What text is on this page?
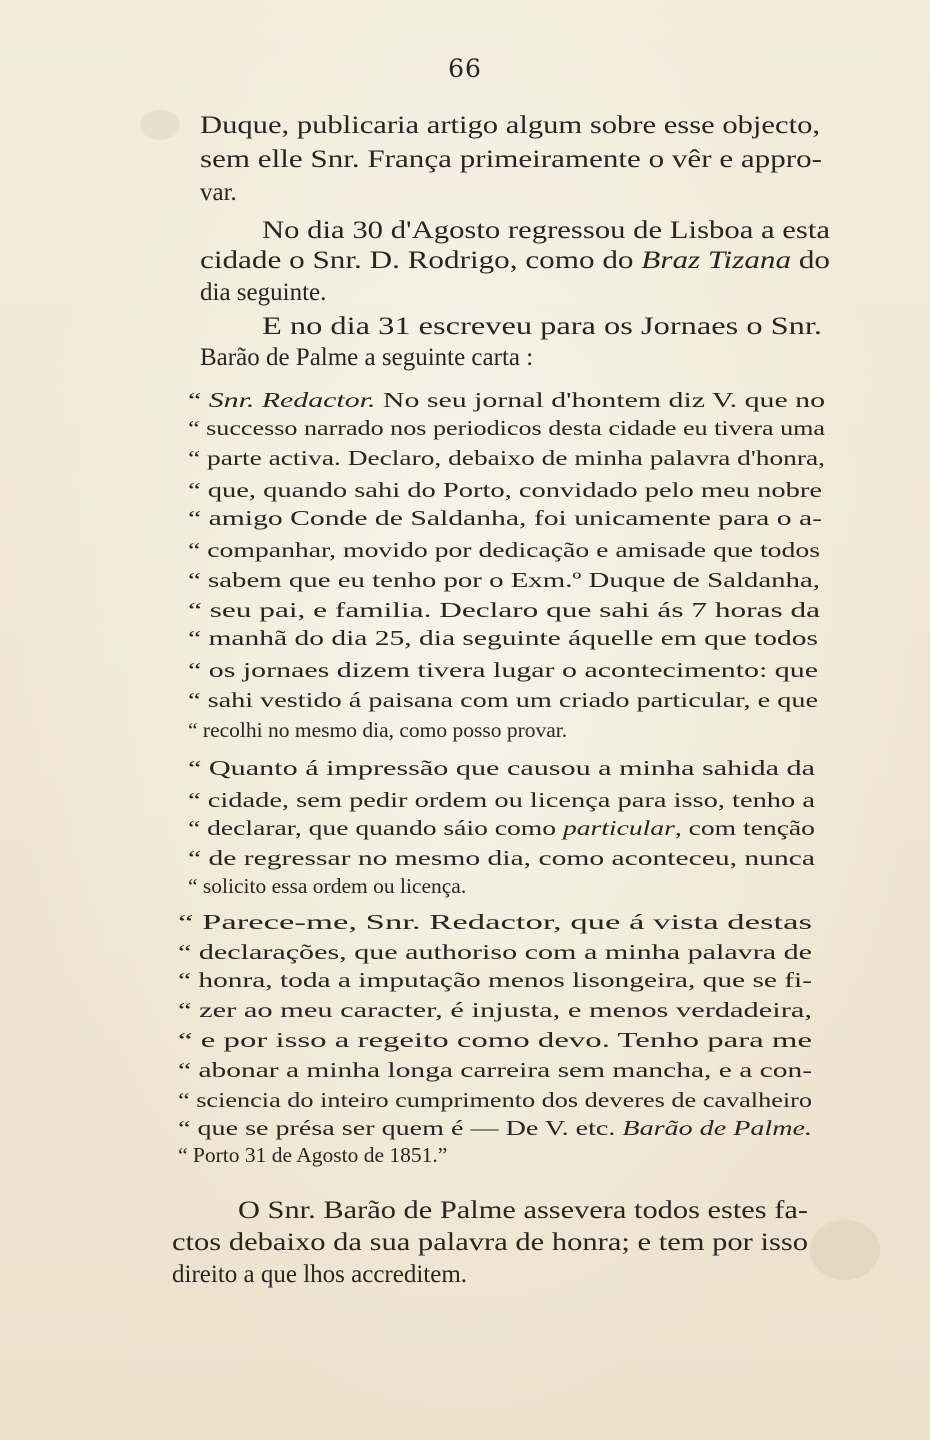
66

Duque, publicaria artigo algum sobre esse objecto,

sem elle Snr. França primeiramente o vêr e appro-

var.

No dia 30 d'Agosto regressou de Lisboa a esta

cidade o Snr. D. Rodrigo, como do Braz Tizana do

dia seguinte.

E no dia 31 escreveu para os Jornaes o Snr.

Barão de Palme a seguinte carta :

“ Snr. Redactor. No seu jornal d'hontem diz V. que no

“ successo narrado nos periodicos desta cidade eu tivera uma

“ parte activa. Declaro, debaixo de minha palavra d'honra,

“ que, quando sahi do Porto, convidado pelo meu nobre

“ amigo Conde de Saldanha, foi unicamente para o a-

“ companhar, movido por dedicação e amisade que todos

“ sabem que eu tenho por o Exm.º Duque de Saldanha,

“ seu pai, e familia. Declaro que sahi ás 7 horas da

“ manhã do dia 25, dia seguinte áquelle em que todos

“ os jornaes dizem tivera lugar o acontecimento: que

“ sahi vestido á paisana com um criado particular, e que

“ recolhi no mesmo dia, como posso provar.

“ Quanto á impressão que causou a minha sahida da

“ cidade, sem pedir ordem ou licença para isso, tenho a

“ declarar, que quando sáio como particular, com tenção

“ de regressar no mesmo dia, como aconteceu, nunca

“ solicito essa ordem ou licença.

“ Parece-me, Snr. Redactor, que á vista destas

“ declarações, que authoriso com a minha palavra de

“ honra, toda a imputação menos lisongeira, que se fi-

“ zer ao meu caracter, é injusta, e menos verdadeira,

“ e por isso a regeito como devo. Tenho para me

“ abonar a minha longa carreira sem mancha, e a con-

“ sciencia do inteiro cumprimento dos deveres de cavalheiro

“ que se présa ser quem é — De V. etc. Barão de Palme.

“ Porto 31 de Agosto de 1851.”

O Snr. Barão de Palme assevera todos estes fa-

ctos debaixo da sua palavra de honra; e tem por isso

direito a que lhos accreditem.
